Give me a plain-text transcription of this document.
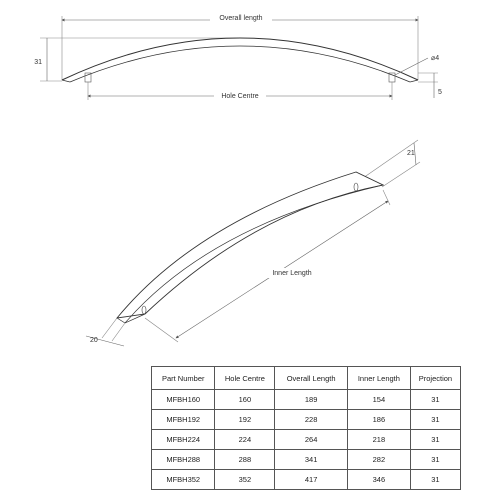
Overall length
31
Hole Centre
⌀4
5
21
Inner Length
20
Part Number	Hole Centre	Overall Length	Inner Length	Projection
MFBH160	160	189	154	31
MFBH192	192	228	186	31
MFBH224	224	264	218	31
MFBH288	288	341	282	31
MFBH352	352	417	346	31
